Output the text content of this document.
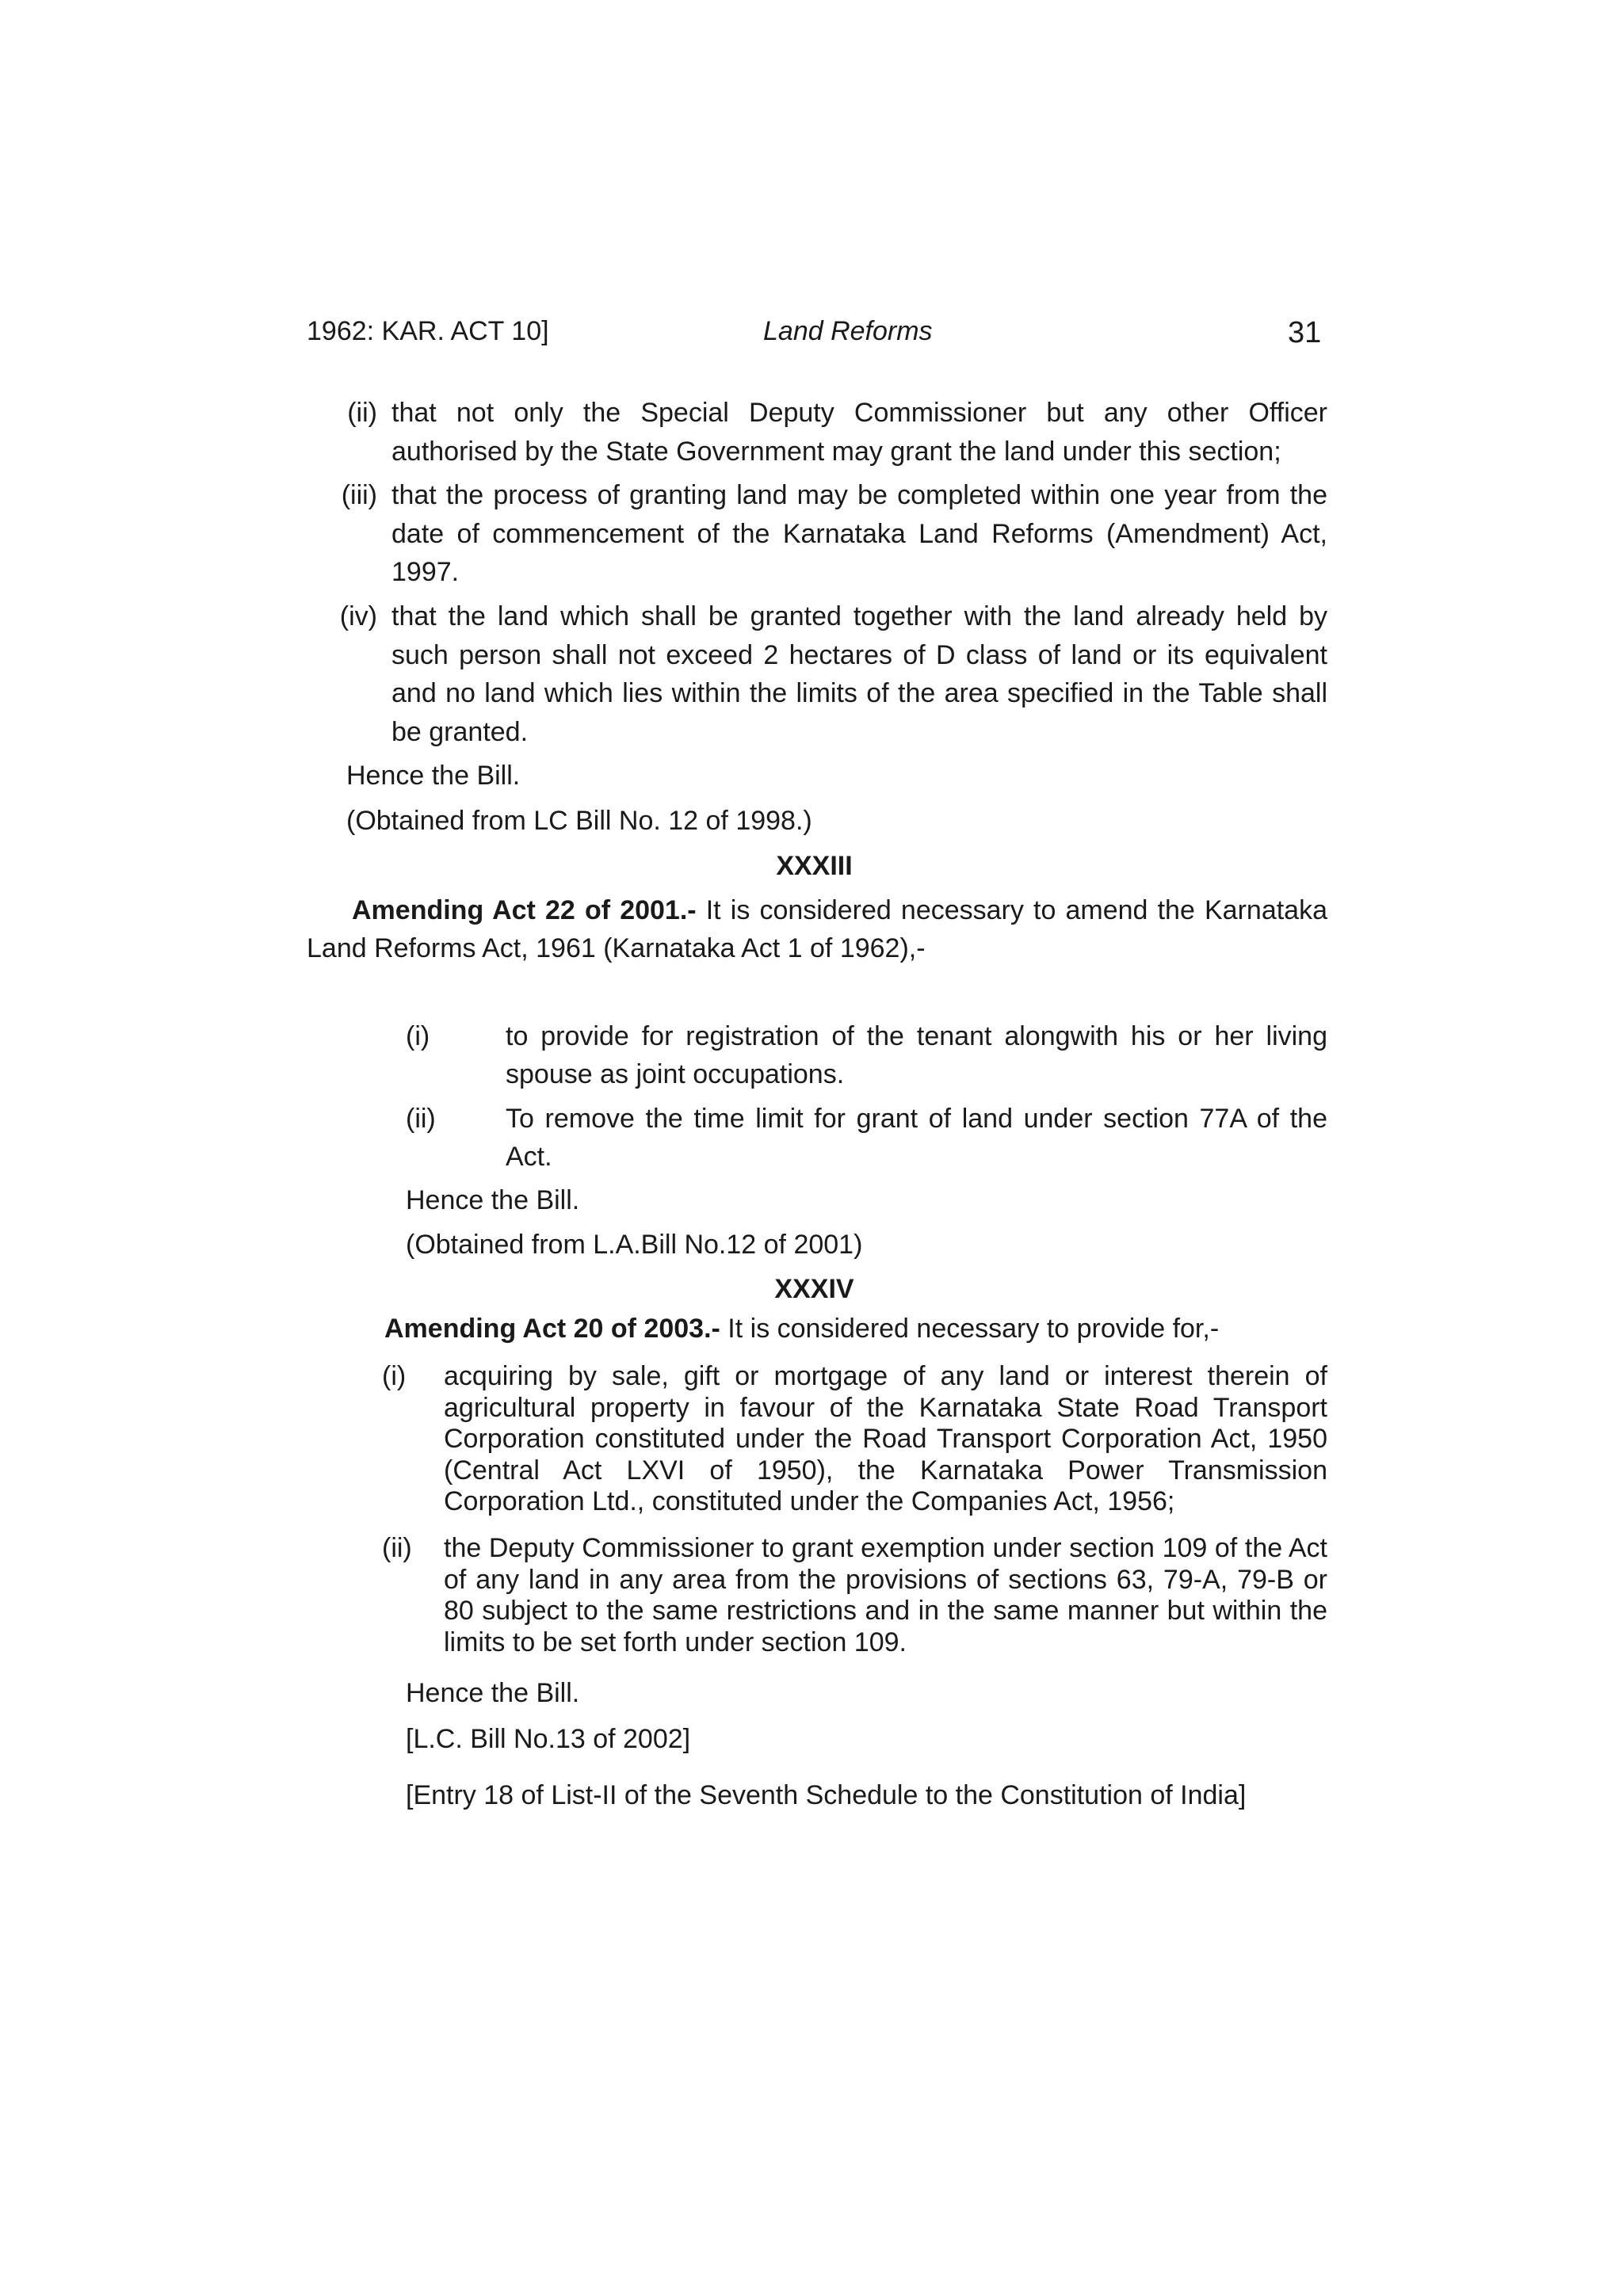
1962: KAR. ACT 10]	Land Reforms	31
(ii) that not only the Special Deputy Commissioner but any other Officer authorised by the State Government may grant the land under this section;
(iii) that the process of granting land may be completed within one year from the date of commencement of the Karnataka Land Reforms (Amendment) Act, 1997.
(iv) that the land which shall be granted together with the land already held by such person shall not exceed 2 hectares of D class of land or its equivalent and no land which lies within the limits of the area specified in the Table shall be granted.
Hence the Bill.
(Obtained from LC Bill No. 12 of 1998.)
XXXIII
Amending Act 22 of 2001.- It is considered necessary to amend the Karnataka Land Reforms Act, 1961 (Karnataka Act 1 of 1962),-
(i)	to provide for registration of the tenant alongwith his or her living spouse as joint occupations.
(ii)	To remove the time limit for grant of land under section 77A of the Act.
Hence the Bill.
(Obtained from L.A.Bill No.12 of 2001)
XXXIV
Amending Act 20 of 2003.- It is considered necessary to provide for,-
(i)	acquiring by sale, gift or mortgage of any land or interest therein of agricultural property in favour of the Karnataka State Road Transport Corporation constituted under the Road Transport Corporation Act, 1950 (Central Act LXVI of 1950), the Karnataka Power Transmission Corporation Ltd., constituted under the Companies Act, 1956;
(ii)	the Deputy Commissioner to grant exemption under section 109 of the Act of any land in any area from the provisions of sections 63, 79-A, 79-B or 80 subject to the same restrictions and in the same manner but within the limits to be set forth under section 109.
Hence the Bill.
[L.C. Bill No.13 of 2002]
[Entry 18 of List-II of the Seventh Schedule to the Constitution of India]
